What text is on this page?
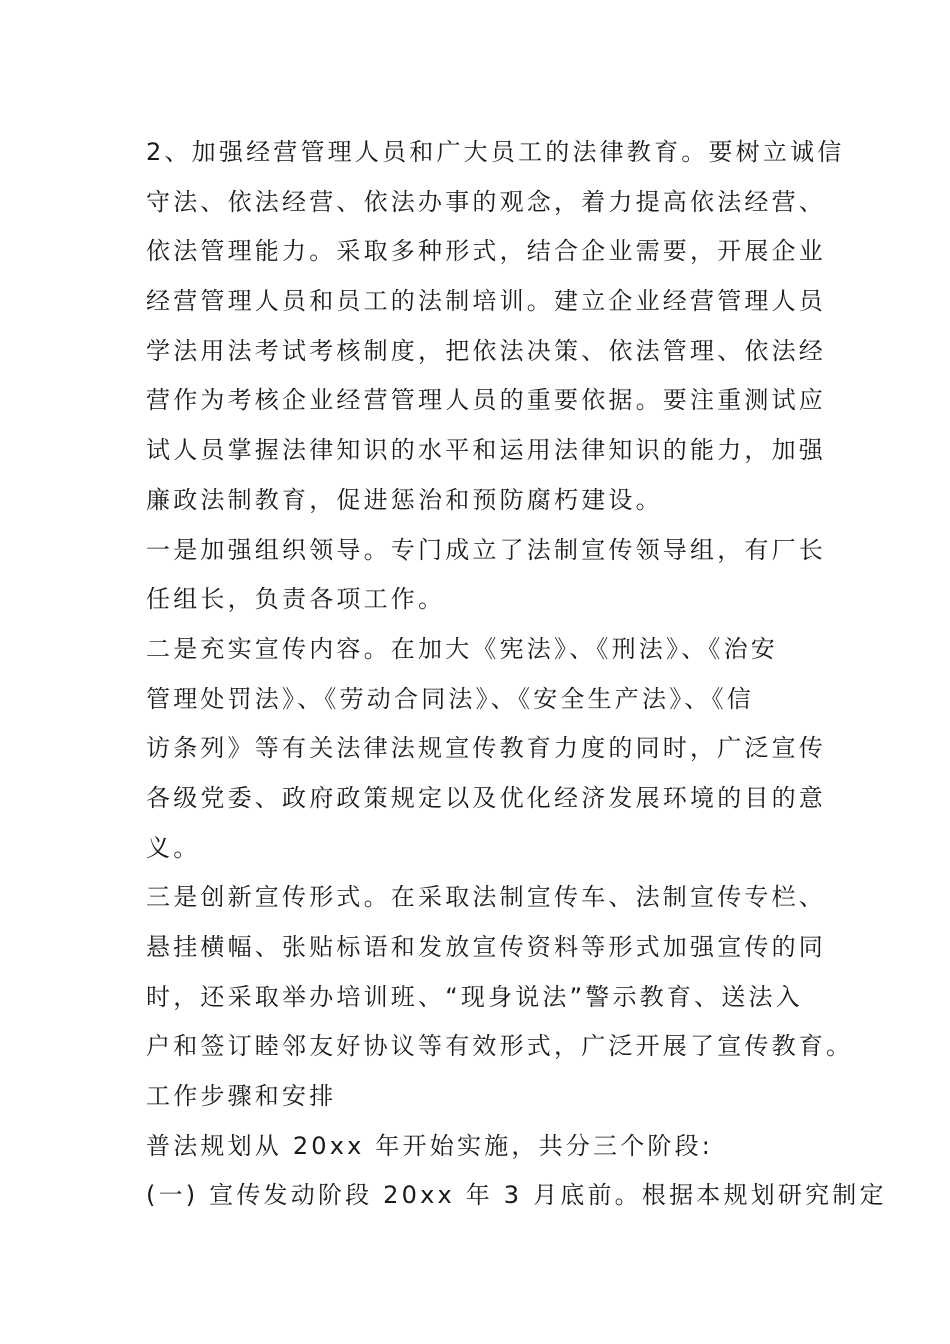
2、加强经营管理人员和广大员工的法律教育。要树立诚信
守法、依法经营、依法办事的观念，着力提高依法经营、
依法管理能力。采取多种形式，结合企业需要，开展企业
经营管理人员和员工的法制培训。建立企业经营管理人员
学法用法考试考核制度，把依法决策、依法管理、依法经
营作为考核企业经营管理人员的重要依据。要注重测试应
试人员掌握法律知识的水平和运用法律知识的能力，加强
廉政法制教育，促进惩治和预防腐朽建设。
一是加强组织领导。专门成立了法制宣传领导组，有厂长
任组长，负责各项工作。
二是充实宣传内容。在加大《宪法》、《刑法》、《治安
管理处罚法》、《劳动合同法》、《安全生产法》、《信
访条列》等有关法律法规宣传教育力度的同时，广泛宣传
各级党委、政府政策规定以及优化经济发展环境的目的意
义。
三是创新宣传形式。在采取法制宣传车、法制宣传专栏、
悬挂横幅、张贴标语和发放宣传资料等形式加强宣传的同
时，还采取举办培训班、“现身说法”警示教育、送法入
户和签订睦邻友好协议等有效形式，广泛开展了宣传教育。
工作步骤和安排
普法规划从 20xx 年开始实施，共分三个阶段:
(一) 宣传发动阶段 20xx 年 3 月底前。根据本规划研究制定
